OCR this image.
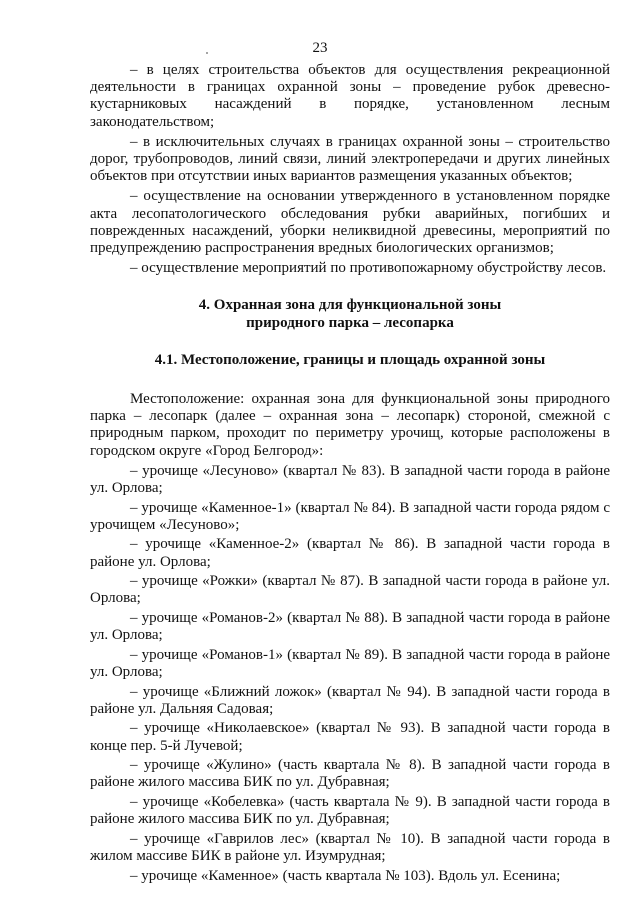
23

– в целях строительства объектов для осуществления рекреационной деятельности в границах охранной зоны – проведение рубок древесно-кустарниковых насаждений в порядке, установленном лесным законодательством;

– в исключительных случаях в границах охранной зоны – строительство дорог, трубопроводов, линий связи, линий электропередачи и других линейных объектов при отсутствии иных вариантов размещения указанных объектов;

– осуществление на основании утвержденного в установленном порядке акта лесопатологического обследования рубки аварийных, погибших и поврежденных насаждений, уборки неликвидной древесины, мероприятий по предупреждению распространения вредных биологических организмов;

– осуществление мероприятий по противопожарному обустройству лесов.

4. Охранная зона для функциональной зоны

природного парка – лесопарка

4.1. Местоположение, границы и площадь охранной зоны

Местоположение: охранная зона для функциональной зоны природного парка – лесопарк (далее – охранная зона – лесопарк) стороной, смежной с природным парком, проходит по периметру урочищ, которые расположены в городском округе «Город Белгород»:

– урочище «Лесуново» (квартал № 83). В западной части города в районе ул. Орлова;

– урочище «Каменное-1» (квартал № 84). В западной части города рядом с урочищем «Лесуново»;

– урочище «Каменное-2» (квартал № 86). В западной части города в районе ул. Орлова;

– урочище «Рожки» (квартал № 87). В западной части города в районе ул. Орлова;

– урочище «Романов-2» (квартал № 88). В западной части города в районе ул. Орлова;

– урочище «Романов-1» (квартал № 89). В западной части города в районе ул. Орлова;

– урочище «Ближний ложок» (квартал № 94). В западной части города в районе ул. Дальняя Садовая;

– урочище «Николаевское» (квартал № 93). В западной части города в конце пер. 5-й Лучевой;

– урочище «Жулино» (часть квартала № 8). В западной части города в районе жилого массива БИК по ул. Дубравная;

– урочище «Кобелевка» (часть квартала № 9). В западной части города в районе жилого массива БИК по ул. Дубравная;

– урочище «Гаврилов лес» (квартал № 10). В западной части города в жилом массиве БИК в районе ул. Изумрудная;

– урочище «Каменное» (часть квартала № 103). Вдоль ул. Есенина;
